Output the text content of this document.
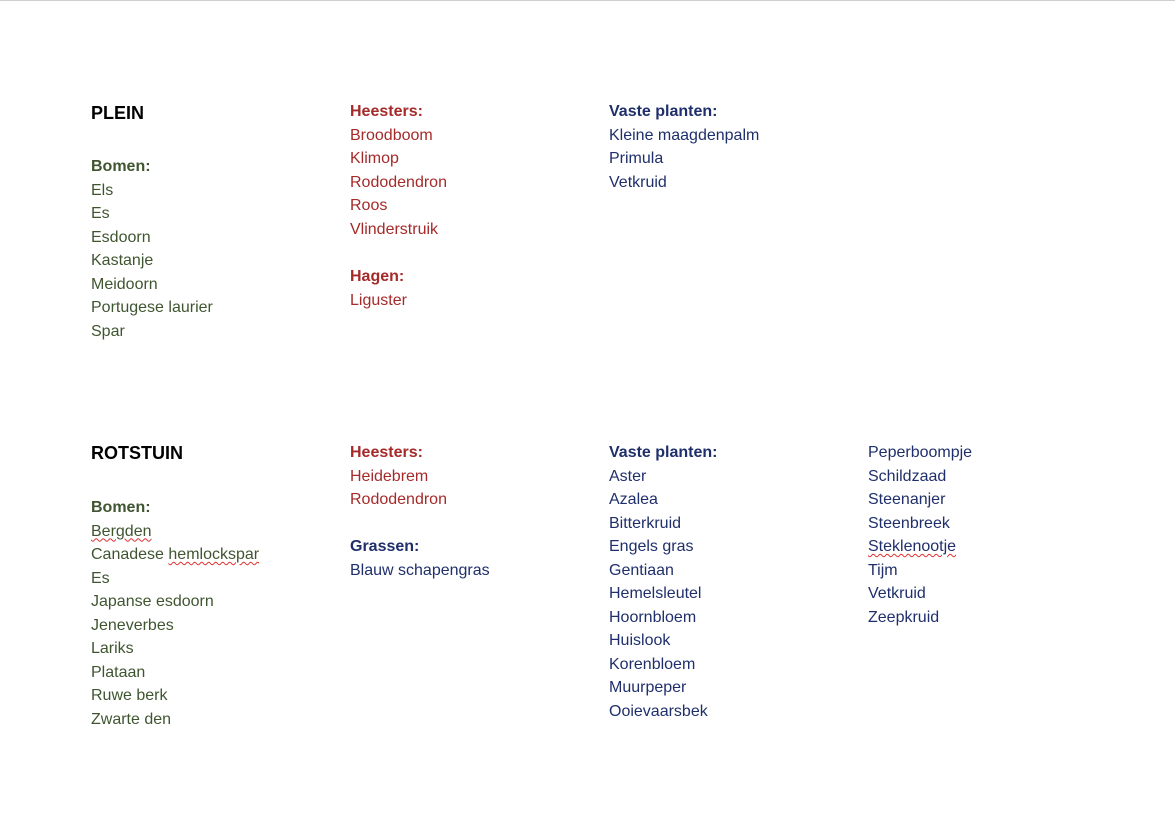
PLEIN
Bomen:
Els
Es
Esdoorn
Kastanje
Meidoorn
Portugese laurier
Spar
Heesters:
Broodboom
Klimop
Rododendron
Roos
Vlinderstruik
Hagen:
Liguster
Vaste planten:
Kleine maagdenpalm
Primula
Vetkruid
ROTSTUIN
Bomen:
Bergden
Canadese hemlockspar
Es
Japanse esdoorn
Jeneverbes
Lariks
Plataan
Ruwe berk
Zwarte den
Heesters:
Heidebrem
Rododendron
Grassen:
Blauw schapengras
Vaste planten:
Aster
Azalea
Bitterkruid
Engels gras
Gentiaan
Hemelsleutel
Hoornbloem
Huislook
Korenbloem
Muurpeper
Ooievaarsbek
Peperboompje
Schildzaad
Steenanjer
Steenbreek
Steklenootje
Tijm
Vetkruid
Zeepkruid
